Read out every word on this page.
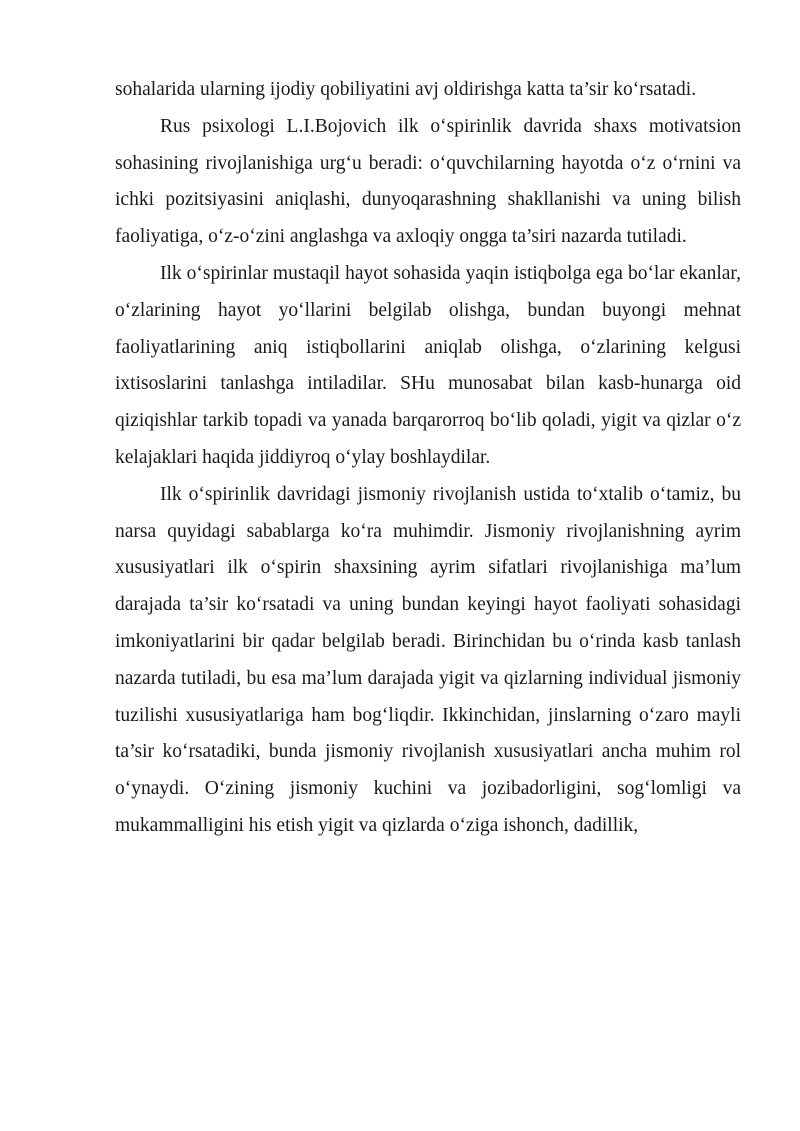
sohalarida ularning ijodiy qobiliyatini avj oldirishga katta ta’sir ko‘rsatadi.

Rus psixologi L.I.Bojovich ilk o‘spirinlik davrida shaxs motivatsion sohasining rivojlanishiga urg‘u beradi: o‘quvchilarning hayotda o‘z o‘rnini va ichki pozitsiyasini aniqlashi, dunyoqarashning shakllanishi va uning bilish faoliyatiga, o‘z-o‘zini anglashga va axloqiy ongga ta’siri nazarda tutiladi.

Ilk o‘spirinlar mustaqil hayot sohasida yaqin istiqbolga ega bo‘lar ekanlar, o‘zlarining hayot yo‘llarini belgilab olishga, bundan buyongi mehnat faoliyatlarining aniq istiqbollarini aniqlab olishga, o‘zlarining kelgusi ixtisoslarini tanlashga intiladilar. SHu munosabat bilan kasb-hunarga oid qiziqishlar tarkib topadi va yanada barqarorroq bo‘lib qoladi, yigit va qizlar o‘z kelajaklari haqida jiddiyroq o‘ylay boshlaydilar.

Ilk o‘spirinlik davridagi jismoniy rivojlanish ustida to‘xtalib o‘tamiz, bu narsa quyidagi sabablarga ko‘ra muhimdir. Jismoniy rivojlanishning ayrim xususiyatlari ilk o‘spirin shaxsining ayrim sifatlari rivojlanishiga ma’lum darajada ta’sir ko‘rsatadi va uning bundan keyingi hayot faoliyati sohasidagi imkoniyatlarini bir qadar belgilab beradi. Birinchidan bu o‘rinda kasb tanlash nazarda tutiladi, bu esa ma’lum darajada yigit va qizlarning individual jismoniy tuzilishi xususiyatlariga ham bog‘liqdir. Ikkinchidan, jinslarning o‘zaro mayli ta’sir ko‘rsatadiki, bunda jismoniy rivojlanish xususiyatlari ancha muhim rol o‘ynaydi. O‘zining jismoniy kuchini va jozibadorligini, sog‘lomligi va mukammalligini his etish yigit va qizlarda o‘ziga ishonch, dadillik,
